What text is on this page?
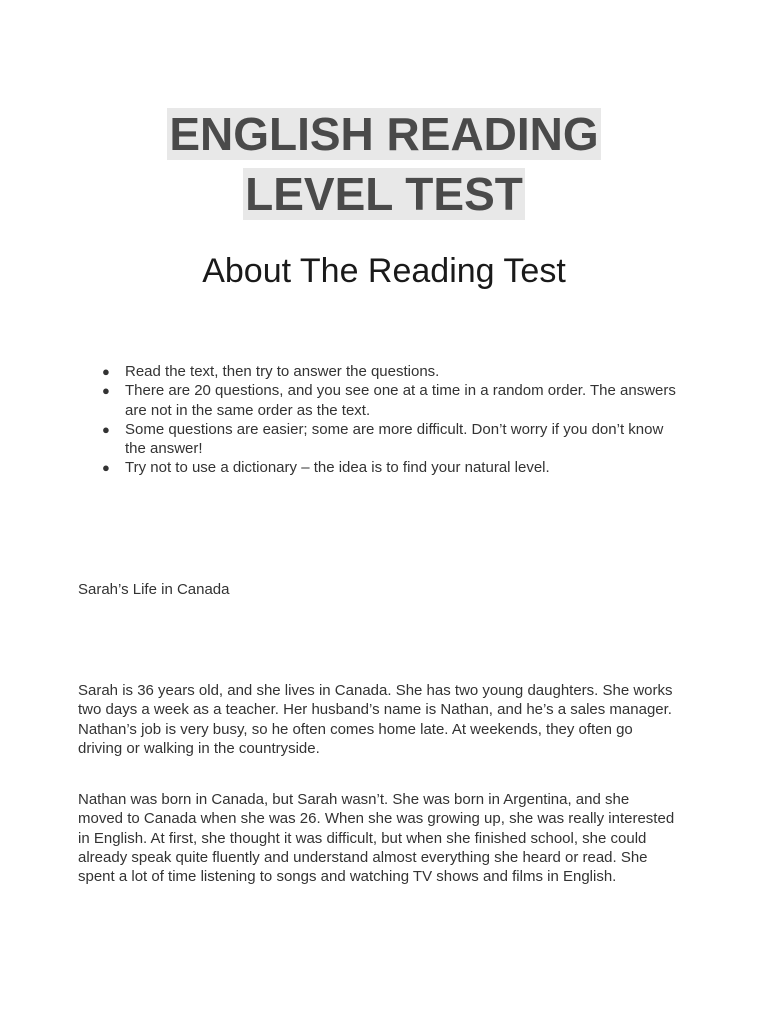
ENGLISH READING
LEVEL TEST
About The Reading Test
● Read the text, then try to answer the questions.
● There are 20 questions, and you see one at a time in a random order. The answers are not in the same order as the text.
● Some questions are easier; some are more difficult. Don’t worry if you don’t know the answer!
● Try not to use a dictionary – the idea is to find your natural level.

Sarah’s Life in Canada

Sarah is 36 years old, and she lives in Canada. She has two young daughters. She works two days a week as a teacher. Her husband’s name is Nathan, and he’s a sales manager. Nathan’s job is very busy, so he often comes home late. At weekends, they often go driving or walking in the countryside.

Nathan was born in Canada, but Sarah wasn’t. She was born in Argentina, and she moved to Canada when she was 26. When she was growing up, she was really interested in English. At first, she thought it was difficult, but when she finished school, she could already speak quite fluently and understand almost everything she heard or read. She spent a lot of time listening to songs and watching TV shows and films in English.
